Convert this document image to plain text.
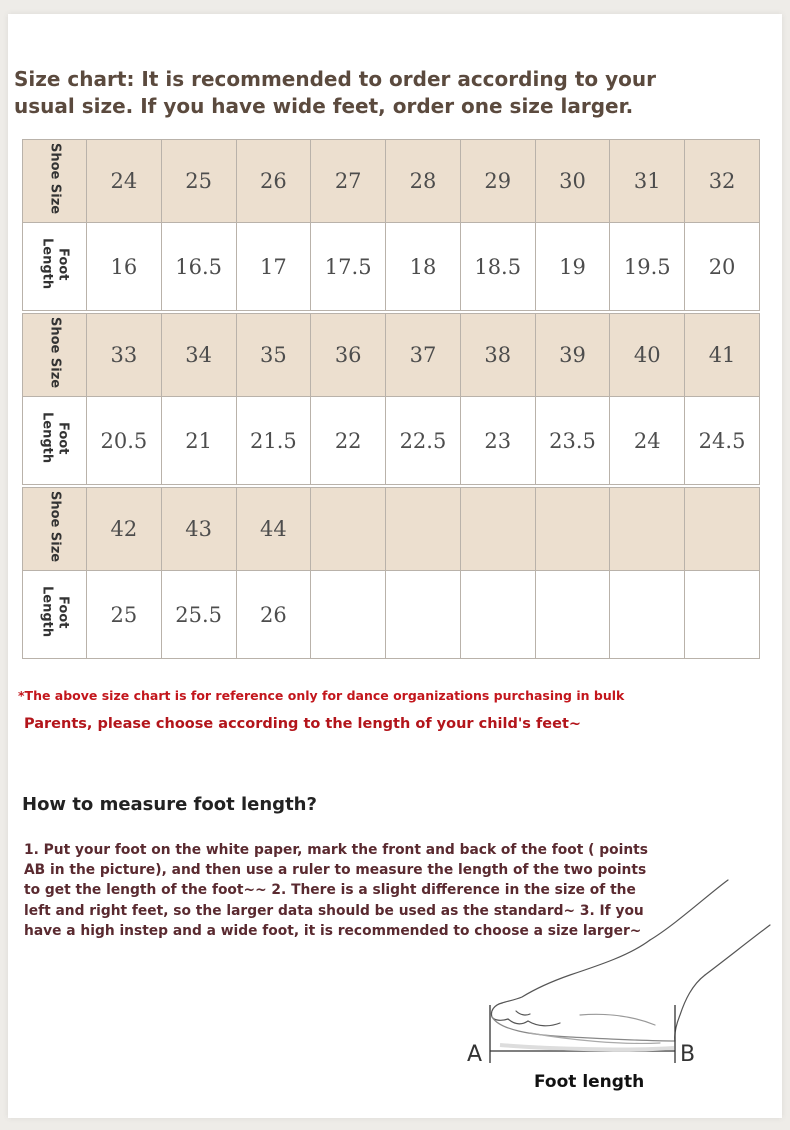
Size chart: It is recommended to order according to your usual size. If you have wide feet, order one size larger.
Shoe Size	24	25	26	27	28	29	30	31	32
Foot Length	16	16.5	17	17.5	18	18.5	19	19.5	20
Shoe Size	33	34	35	36	37	38	39	40	41
Foot Length	20.5	21	21.5	22	22.5	23	23.5	24	24.5
Shoe Size	42	43	44						
Foot Length	25	25.5	26						
*The above size chart is for reference only for dance organizations purchasing in bulk
Parents, please choose according to the length of your child's feet~
How to measure foot length?
1. Put your foot on the white paper, mark the front and back of the foot ( points AB in the picture), and then use a ruler to measure the length of the two points to get the length of the foot~~ 2. There is a slight difference in the size of the left and right feet, so the larger data should be used as the standard~ 3. If you have a high instep and a wide foot, it is recommended to choose a size larger~
A	B
Foot length
